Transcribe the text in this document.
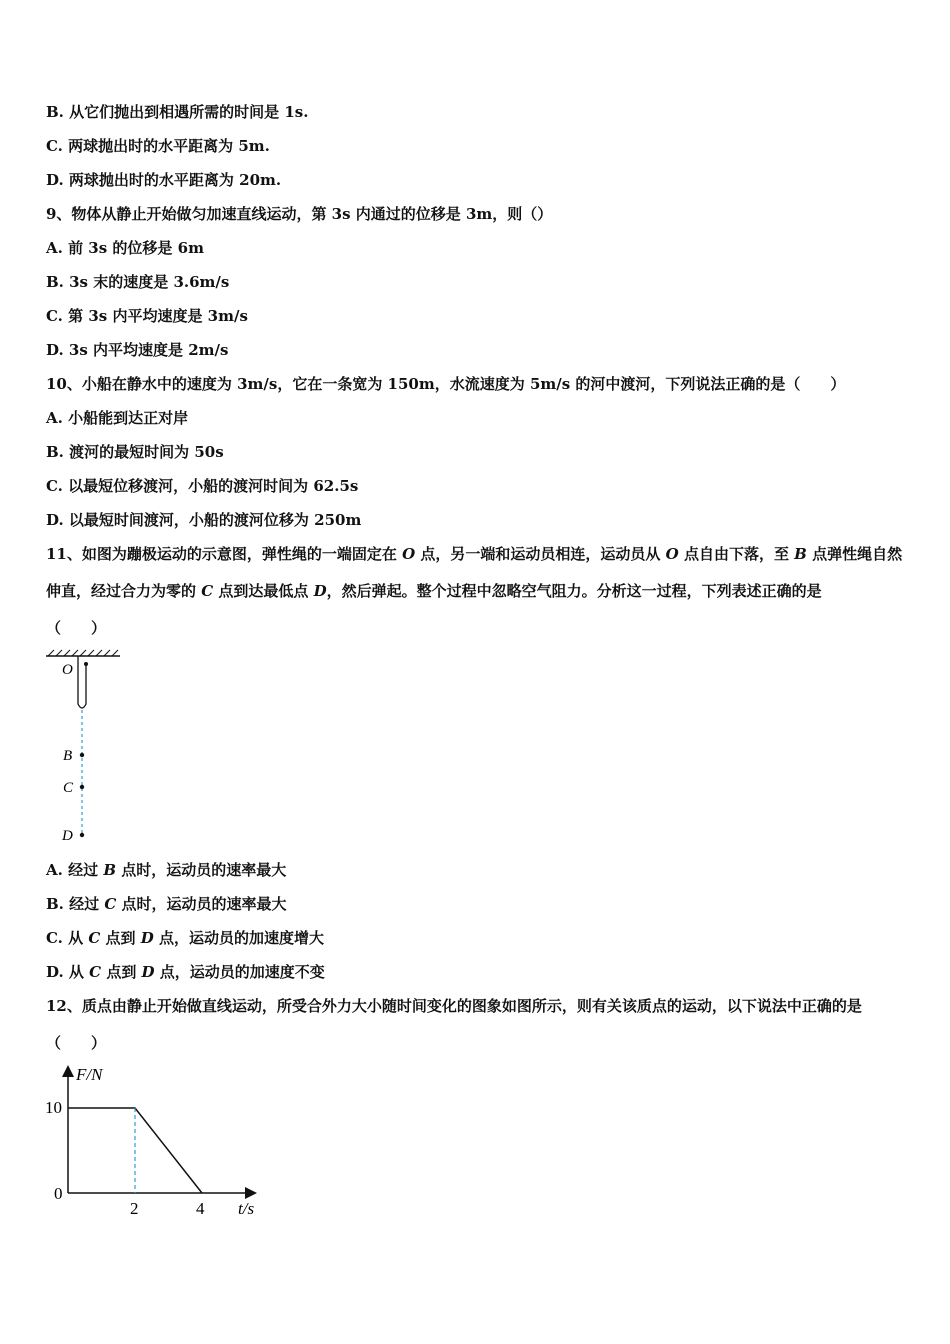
B. 从它们抛出到相遇所需的时间是 1s.
C. 两球抛出时的水平距离为 5m.
D. 两球抛出时的水平距离为 20m.
9、物体从静止开始做匀加速直线运动，第 3s 内通过的位移是 3m，则（）
A. 前 3s 的位移是 6m
B. 3s 末的速度是 3.6m/s
C. 第 3s 内平均速度是 3m/s
D. 3s 内平均速度是 2m/s
10、小船在静水中的速度为 3m/s，它在一条宽为 150m，水流速度为 5m/s 的河中渡河，下列说法正确的是（　　）
A. 小船能到达正对岸
B. 渡河的最短时间为 50s
C. 以最短位移渡河，小船的渡河时间为 62.5s
D. 以最短时间渡河，小船的渡河位移为 250m
11、如图为蹦极运动的示意图，弹性绳的一端固定在 O 点，另一端和运动员相连，运动员从 O 点自由下落，至 B 点弹性绳自然伸直，经过合力为零的 C 点到达最低点 D，然后弹起。整个过程中忽略空气阻力。分析这一过程，下列表述正确的是
（　　）
O
B
C
D
A. 经过 B 点时，运动员的速率最大
B. 经过 C 点时，运动员的速率最大
C. 从 C 点到 D 点，运动员的加速度增大
D. 从 C 点到 D 点，运动员的加速度不变
12、质点由静止开始做直线运动，所受合外力大小随时间变化的图象如图所示，则有关该质点的运动，以下说法中正确的是（　　）
F/N
t/s
0
10
2	4
